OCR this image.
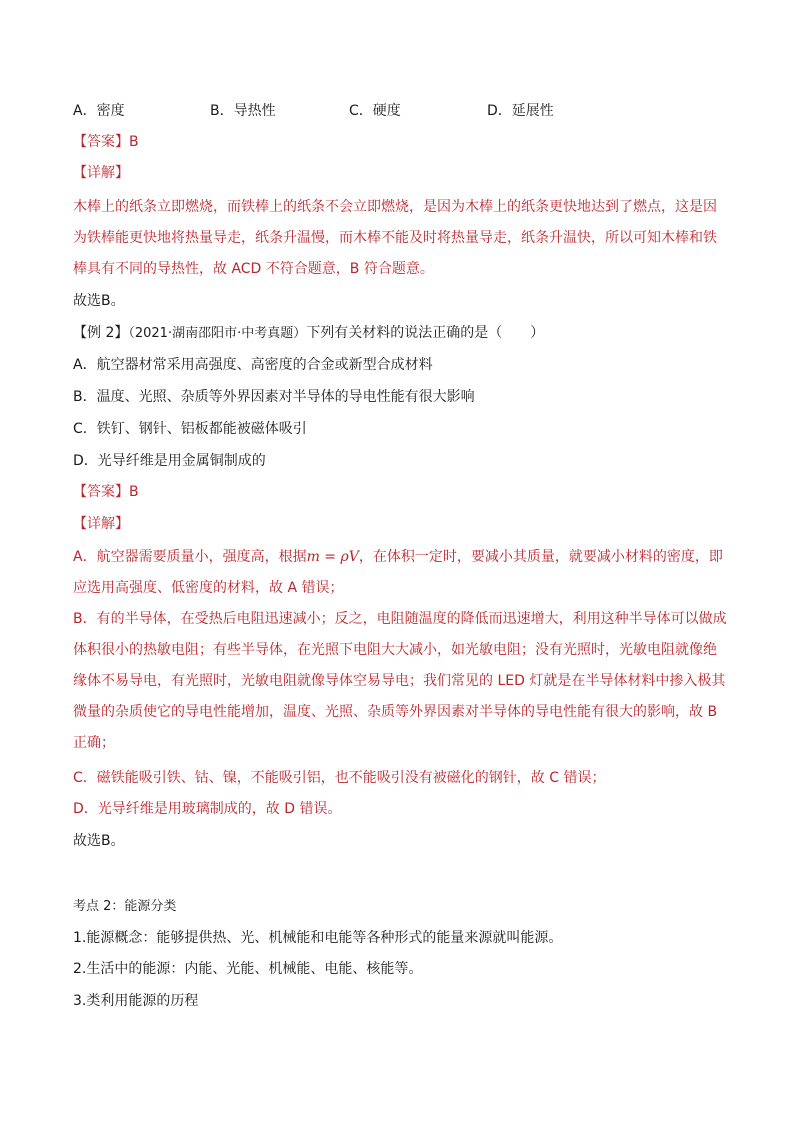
A．密度	B．导热性	C．硬度	D．延展性
【答案】B
【详解】
木棒上的纸条立即燃烧，而铁棒上的纸条不会立即燃烧，是因为木棒上的纸条更快地达到了燃点，这是因
为铁棒能更快地将热量导走，纸条升温慢，而木棒不能及时将热量导走，纸条升温快，所以可知木棒和铁
棒具有不同的导热性，故 ACD 不符合题意，B 符合题意。
故选B。
【例 2】（2021·湖南邵阳市·中考真题）下列有关材料的说法正确的是（　　）
A．航空器材常采用高强度、高密度的合金或新型合成材料
B．温度、光照、杂质等外界因素对半导体的导电性能有很大影响
C．铁钉、钢针、铝板都能被磁体吸引
D．光导纤维是用金属铜制成的
【答案】B
【详解】
A．航空器需要质量小，强度高，根据m = ρV，在体积一定时，要减小其质量，就要减小材料的密度，即
应选用高强度、低密度的材料，故 A 错误；
B．有的半导体，在受热后电阻迅速减小；反之，电阻随温度的降低而迅速增大，利用这种半导体可以做成
体积很小的热敏电阻；有些半导体，在光照下电阻大大减小，如光敏电阻；没有光照时，光敏电阻就像绝
缘体不易导电，有光照时，光敏电阻就像导体空易导电；我们常见的 LED 灯就是在半导体材料中掺入极其
微量的杂质使它的导电性能增加，温度、光照、杂质等外界因素对半导体的导电性能有很大的影响，故 B
正确；
C．磁铁能吸引铁、钴、镍，不能吸引铝，也不能吸引没有被磁化的钢针，故 C 错误；
D．光导纤维是用玻璃制成的，故 D 错误。
故选B。
考点 2：能源分类
1.能源概念：能够提供热、光、机械能和电能等各种形式的能量来源就叫能源。
2.生活中的能源：内能、光能、机械能、电能、核能等。
3.类利用能源的历程
